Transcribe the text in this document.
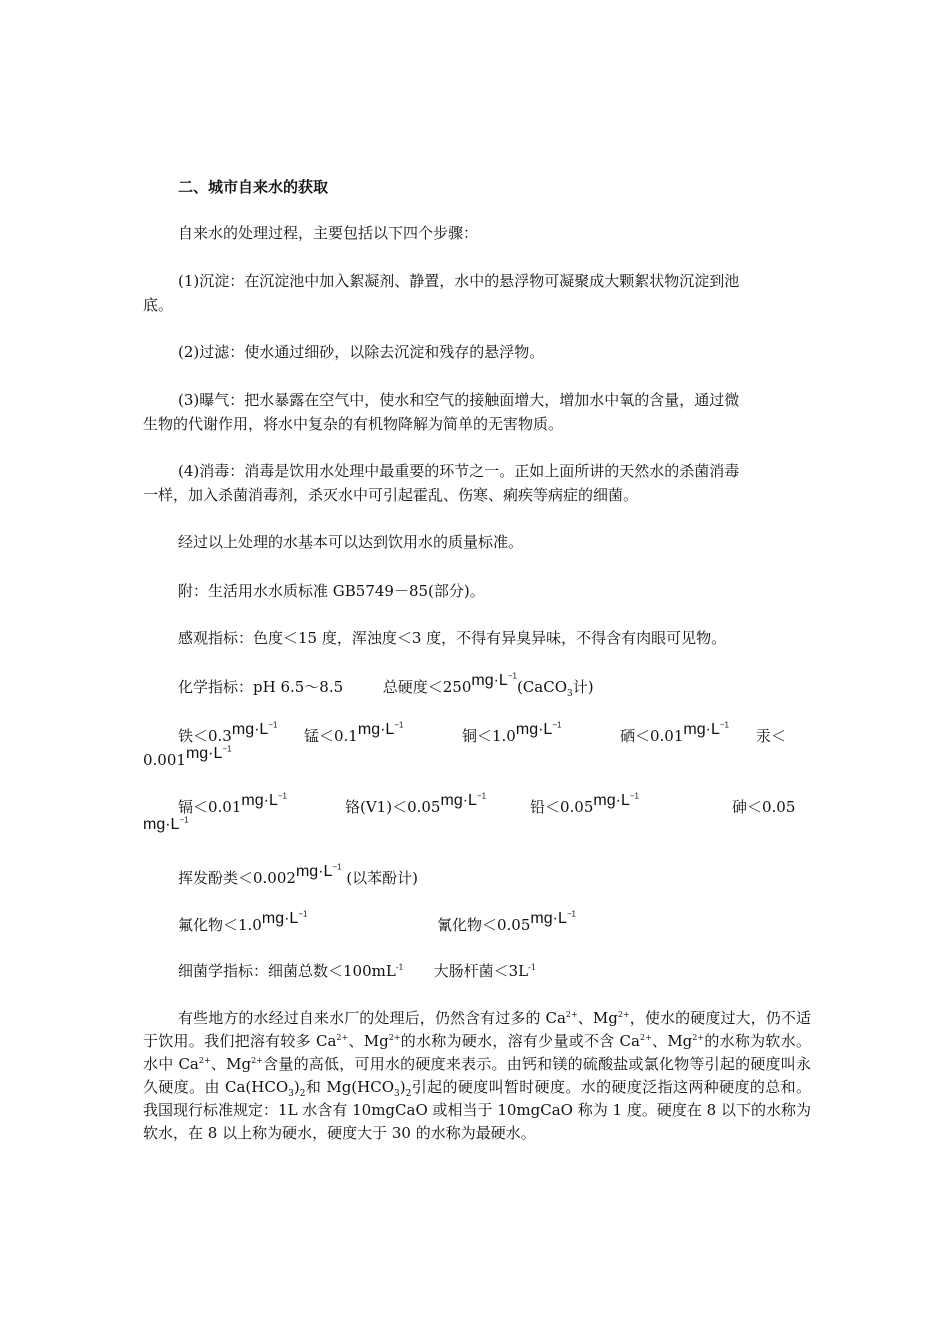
二、城市自来水的获取
自来水的处理过程，主要包括以下四个步骤：
(1)沉淀：在沉淀池中加入絮凝剂、静置，水中的悬浮物可凝聚成大颗絮状物沉淀到池
底。
(2)过滤：使水通过细砂，以除去沉淀和残存的悬浮物。
(3)曝气：把水暴露在空气中，使水和空气的接触面增大，增加水中氧的含量，通过微
生物的代谢作用，将水中复杂的有机物降解为简单的无害物质。
(4)消毒：消毒是饮用水处理中最重要的环节之一。正如上面所讲的天然水的杀菌消毒
一样，加入杀菌消毒剂，杀灭水中可引起霍乱、伤寒、痢疾等病症的细菌。
经过以上处理的水基本可以达到饮用水的质量标准。
附：生活用水水质标准 GB5749－85(部分)。
感观指标：色度＜15 度，浑浊度＜3 度，不得有异臭异味，不得含有肉眼可见物。
化学指标：pH 6.5～8.5	总硬度$<250mg\cdot L^{-1}(CaCO_3$计)
铁$<0.3mg\cdot L^{-1}$
锰$<0.1mg\cdot L^{-1}$
铜$<1.0mg\cdot L^{-1}$
硒$<0.01mg\cdot L^{-1}$
汞＜
$0.001mg\cdot L^{-1}$
镉$<0.01mg\cdot L^{-1}$
铬$(V1)<0.05mg\cdot L^{-1}$
铅$<0.05mg\cdot L^{-1}$
砷＜0.05
$mg\cdot L^{-1}$
挥发酚类$<0.002mg\cdot L^{-1}$ (以苯酚计)
氟化物$<1.0mg\cdot L^{-1}$
氰化物$<0.05mg\cdot L^{-1}$
细菌学指标：细菌总数$<100mL^{-1}$ 大肠杆菌$<3L^{-1}$
有些地方的水经过自来水厂的处理后，仍然含有过多的 $Ca^{2+}$、$Mg^{2+}$，使水的硬度过大，仍不适于饮用。我们把溶有较多 $Ca^{2+}$、$Mg^{2+}$的水称为硬水，溶有少量或不含 $Ca^{2+}$、$Mg^{2+}$的水称为软水。水中 $Ca^{2+}$、$Mg^{2+}$含量的高低，可用水的硬度来表示。由钙和镁的硫酸盐或氯化物等引起的硬度叫永久硬度。由 $Ca(HCO_3)_2$和 $Mg(HCO_3)_2$引起的硬度叫暂时硬度。水的硬度泛指这两种硬度的总和。我国现行标准规定：1L 水含有 10mgCaO 或相当于 10mgCaO 称为 1 度。硬度在 8 以下的水称为软水，在 8 以上称为硬水，硬度大于 30 的水称为最硬水。
